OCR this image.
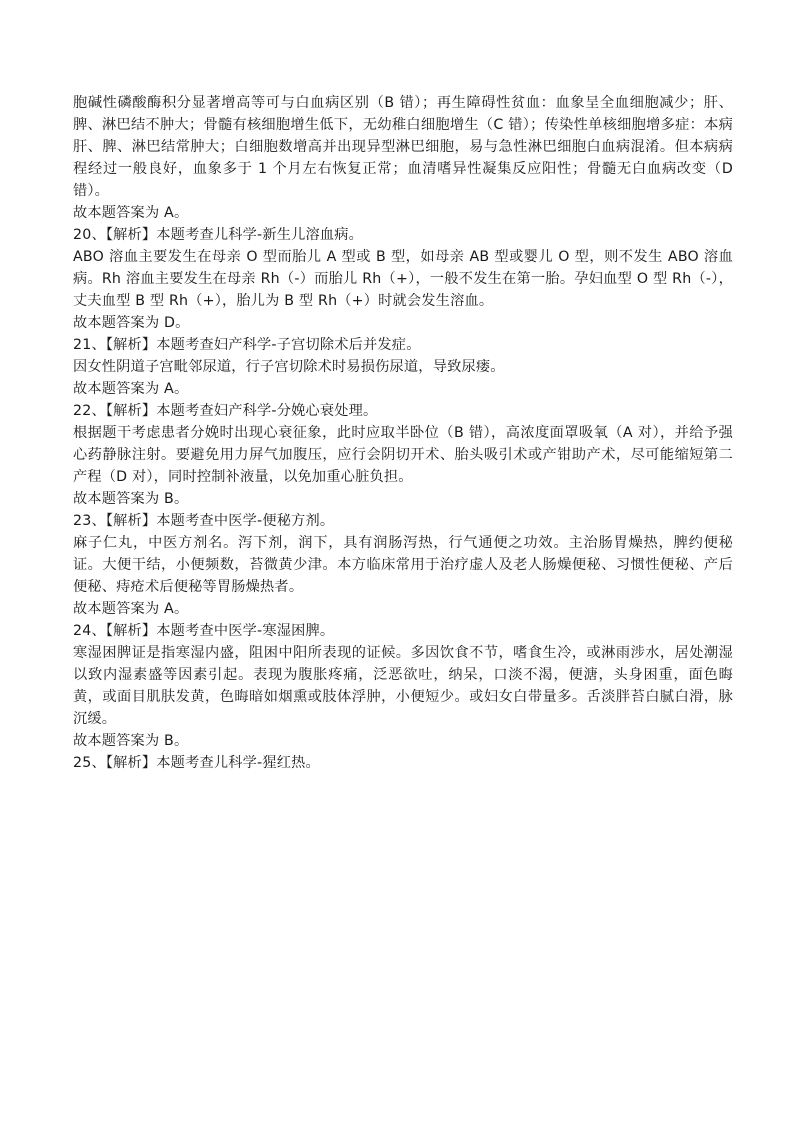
胞碱性磷酸酶积分显著增高等可与白血病区别（B 错）；再生障碍性贫血：血象呈全血细胞减少；肝、脾、淋巴结不肿大；骨髓有核细胞增生低下，无幼稚白细胞增生（C 错）；传染性单核细胞增多症：本病肝、脾、淋巴结常肿大；白细胞数增高并出现异型淋巴细胞，易与急性淋巴细胞白血病混淆。但本病病程经过一般良好，血象多于 1 个月左右恢复正常；血清嗜异性凝集反应阳性；骨髓无白血病改变（D 错）。

故本题答案为 A。

20、【解析】本题考查儿科学-新生儿溶血病。

ABO 溶血主要发生在母亲 O 型而胎儿 A 型或 B 型，如母亲 AB 型或婴儿 O 型，则不发生 ABO 溶血病。Rh 溶血主要发生在母亲 Rh（-）而胎儿 Rh（+），一般不发生在第一胎。孕妇血型 O 型 Rh（-），丈夫血型 B 型 Rh（+），胎儿为 B 型 Rh（+）时就会发生溶血。

故本题答案为 D。

21、【解析】本题考查妇产科学-子宫切除术后并发症。

因女性阴道子宫毗邻尿道，行子宫切除术时易损伤尿道，导致尿瘘。

故本题答案为 A。

22、【解析】本题考查妇产科学-分娩心衰处理。

根据题干考虑患者分娩时出现心衰征象，此时应取半卧位（B 错），高浓度面罩吸氧（A 对），并给予强心药静脉注射。要避免用力屏气加腹压，应行会阴切开术、胎头吸引术或产钳助产术，尽可能缩短第二产程（D 对），同时控制补液量，以免加重心脏负担。

故本题答案为 B。

23、【解析】本题考查中医学-便秘方剂。

麻子仁丸，中医方剂名。泻下剂，润下，具有润肠泻热，行气通便之功效。主治肠胃燥热，脾约便秘证。大便干结，小便频数，苔微黄少津。本方临床常用于治疗虚人及老人肠燥便秘、习惯性便秘、产后便秘、痔疮术后便秘等胃肠燥热者。

故本题答案为 A。

24、【解析】本题考查中医学-寒湿困脾。

寒湿困脾证是指寒湿内盛，阻困中阳所表现的证候。多因饮食不节，嗜食生冷，或淋雨涉水，居处潮湿以致内湿素盛等因素引起。表现为腹胀疼痛，泛恶欲吐，纳呆，口淡不渴，便溏，头身困重，面色晦黄，或面目肌肤发黄，色晦暗如烟熏或肢体浮肿，小便短少。或妇女白带量多。舌淡胖苔白腻白滑，脉沉缓。

故本题答案为 B。

25、【解析】本题考查儿科学-猩红热。
